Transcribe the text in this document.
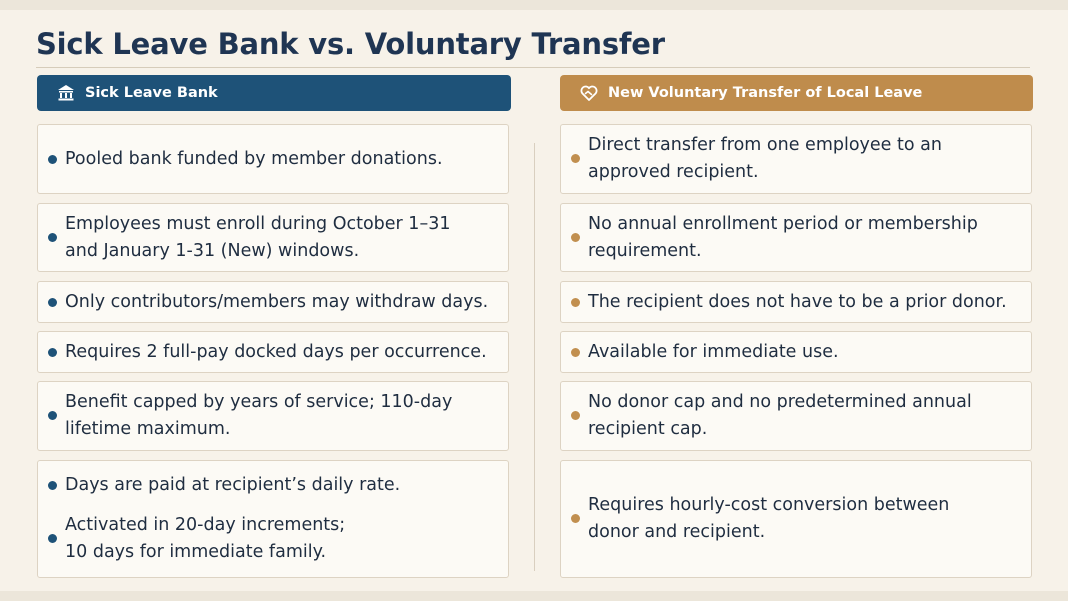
Sick Leave Bank vs. Voluntary Transfer
Sick Leave Bank	New Voluntary Transfer of Local Leave
Pooled bank funded by member donations.
Employees must enroll during October 1–31
and January 1-31 (New) windows.
Only contributors/members may withdraw days.
Requires 2 full-pay docked days per occurrence.
Benefit capped by years of service; 110-day
lifetime maximum.
Days are paid at recipient’s daily rate.
Activated in 20-day increments;
10 days for immediate family.
Direct transfer from one employee to an
approved recipient.
No annual enrollment period or membership
requirement.
The recipient does not have to be a prior donor.
Available for immediate use.
No donor cap and no predetermined annual
recipient cap.
Requires hourly-cost conversion between
donor and recipient.
